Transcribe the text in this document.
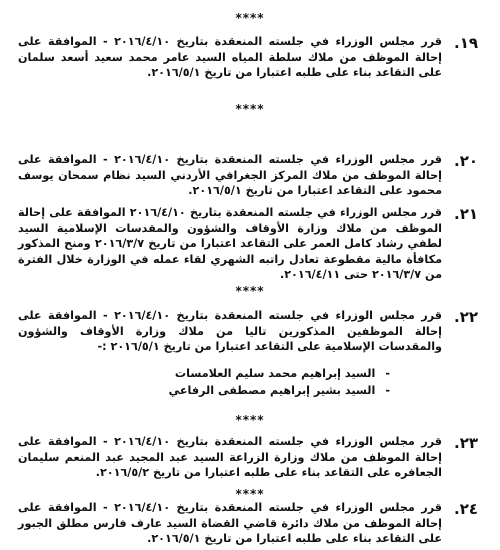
****
١٩.
قرر مجلس الوزراء في جلسته المنعقدة بتاريخ ٢٠١٦/٤/١٠ - الموافقة على إحالة الموظف من ملاك سلطة المياه السيد عامر محمد سعيد أسعد سلمان على التقاعد بناء على طلبه اعتبارا من تاريخ ٢٠١٦/٥/١.
****
٢٠.
قرر مجلس الوزراء في جلسته المنعقدة بتاريخ ٢٠١٦/٤/١٠ - الموافقة على إحالة الموظف من ملاك المركز الجغرافي الأردني السيد نظام سمحان يوسف محمود على التقاعد اعتبارا من تاريخ ٢٠١٦/٥/١.
٢١.
قرر مجلس الوزراء في جلسته المنعقدة بتاريخ ٢٠١٦/٤/١٠ الموافقة على إحالة الموظف من ملاك وزارة الأوقاف والشؤون والمقدسات الإسلامية السيد لطفي رشاد كامل العمر على التقاعد اعتبارا من تاريخ ٢٠١٦/٣/٧ ومنح المذكور مكافأة مالية مقطوعة تعادل راتبه الشهري لقاء عمله في الوزارة خلال الفترة من ٢٠١٦/٣/٧ حتى ٢٠١٦/٤/١١.
****
٢٢.
قرر مجلس الوزراء في جلسته المنعقدة بتاريخ ٢٠١٦/٤/١٠ - الموافقة على إحالة الموظفين المذكورين تاليا من ملاك وزارة الأوقاف والشؤون والمقدسات الإسلامية على التقاعد اعتبارا من تاريخ ٢٠١٦/٥/١ :-
-السيد إبراهيم محمد سليم العلامسات
-السيد بشير إبراهيم مصطفى الرفاعي
****
٢٣.
قرر مجلس الوزراء في جلسته المنعقدة بتاريخ ٢٠١٦/٤/١٠ - الموافقة على إحالة الموظف من ملاك وزارة الزراعة السيد عبد المجيد عبد المنعم سليمان الجعافره على التقاعد بناء على طلبه اعتبارا من تاريخ ٢٠١٦/٥/٢.
****
٢٤.
قرر مجلس الوزراء في جلسته المنعقدة بتاريخ ٢٠١٦/٤/١٠ - الموافقة على إحالة الموظف من ملاك دائرة قاضي القضاة السيد عارف فارس مطلق الجبور على التقاعد بناء على طلبه اعتبارا من تاريخ ٢٠١٦/٥/١.
